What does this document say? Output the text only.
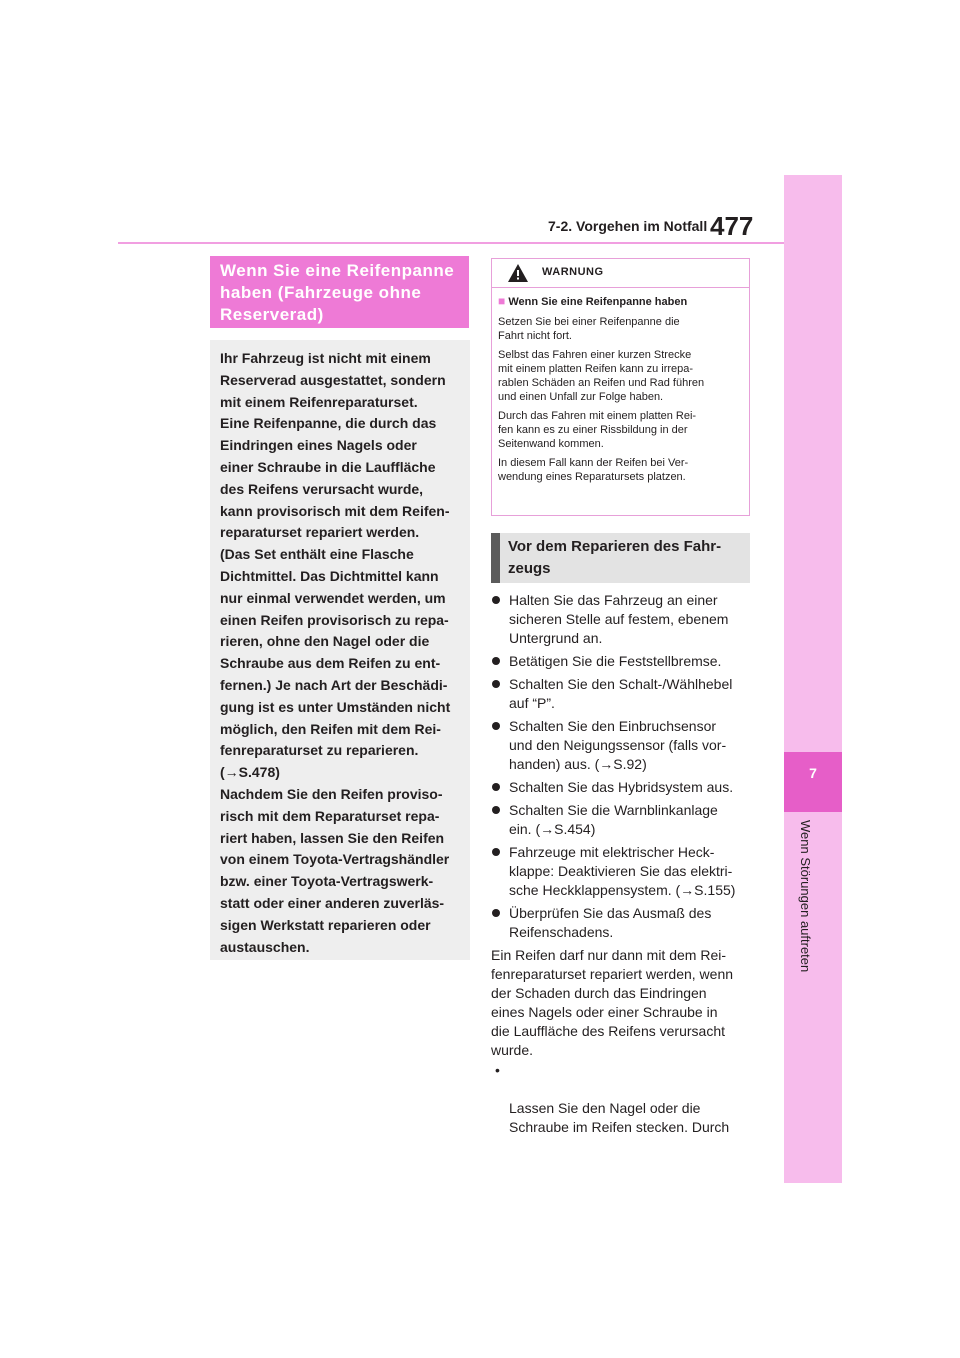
7-2. Vorgehen im Notfall 477
7
Wenn Störungen auftreten
Wenn Sie eine Reifenpanne haben (Fahrzeuge ohne Reserverad)

Ihr Fahrzeug ist nicht mit einem
Reserverad ausgestattet, sondern
mit einem Reifenreparaturset.
Eine Reifenpanne, die durch das
Eindringen eines Nagels oder
einer Schraube in die Lauffläche
des Reifens verursacht wurde,
kann provisorisch mit dem Reifen-
reparaturset repariert werden.
(Das Set enthält eine Flasche
Dichtmittel. Das Dichtmittel kann
nur einmal verwendet werden, um
einen Reifen provisorisch zu repa-
rieren, ohne den Nagel oder die
Schraube aus dem Reifen zu ent-
fernen.) Je nach Art der Beschädi-
gung ist es unter Umständen nicht
möglich, den Reifen mit dem Rei-
fenreparaturset zu reparieren.
(→S.478)
Nachdem Sie den Reifen proviso-
risch mit dem Reparaturset repa-
riert haben, lassen Sie den Reifen
von einem Toyota-Vertragshändler
bzw. einer Toyota-Vertragswerk-
statt oder einer anderen zuverläs-
sigen Werkstatt reparieren oder
austauschen.

WARNUNG
■ Wenn Sie eine Reifenpanne haben

Setzen Sie bei einer Reifenpanne die
Fahrt nicht fort.

Selbst das Fahren einer kurzen Strecke
mit einem platten Reifen kann zu irrepa-
rablen Schäden an Reifen und Rad führen
und einen Unfall zur Folge haben.

Durch das Fahren mit einem platten Rei-
fen kann es zu einer Rissbildung in der
Seitenwand kommen.

In diesem Fall kann der Reifen bei Ver-
wendung eines Reparatursets platzen.

Vor dem Reparieren des Fahr-
zeugs
Halten Sie das Fahrzeug an einer
sicheren Stelle auf festem, ebenem
Untergrund an.
Betätigen Sie die Feststellbremse.
Schalten Sie den Schalt-/Wählhebel
auf “P”.
Schalten Sie den Einbruchsensor
und den Neigungssensor (falls vor-
handen) aus. (→S.92)
Schalten Sie das Hybridsystem aus.
Schalten Sie die Warnblinkanlage
ein. (→S.454)
Fahrzeuge mit elektrischer Heck-
klappe: Deaktivieren Sie das elektri-
sche Heckklappensystem. (→S.155)
Überprüfen Sie das Ausmaß des
Reifenschadens.
Ein Reifen darf nur dann mit dem Rei-
fenreparaturset repariert werden, wenn
der Schaden durch das Eindringen
eines Nagels oder einer Schraube in
die Lauffläche des Reifens verursacht
wurde.

•

Lassen Sie den Nagel oder die
Schraube im Reifen stecken. Durch
